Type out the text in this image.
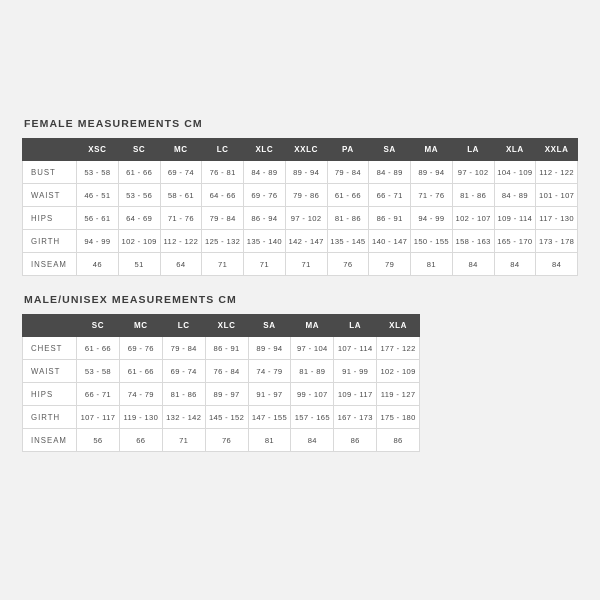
FEMALE MEASUREMENTS CM
	XSC	SC	MC	LC	XLC	XXLC	PA	SA	MA	LA	XLA	XXLA
BUST	53 - 58	61 - 66	69 - 74	76 - 81	84 - 89	89 - 94	79 - 84	84 - 89	89 - 94	97 - 102	104 - 109	112 - 122
WAIST	46 - 51	53 - 56	58 - 61	64 - 66	69 - 76	79 - 86	61 - 66	66 - 71	71 - 76	81 - 86	84 - 89	101 - 107
HIPS	56 - 61	64 - 69	71 - 76	79 - 84	86 - 94	97 - 102	81 - 86	86 - 91	94 - 99	102 - 107	109 - 114	117 - 130
GIRTH	94 - 99	102 - 109	112 - 122	125 - 132	135 - 140	142 - 147	135 - 145	140 - 147	150 - 155	158 - 163	165 - 170	173 - 178
INSEAM	46	51	64	71	71	71	76	79	81	84	84	84
MALE/UNISEX MEASUREMENTS CM
	SC	MC	LC	XLC	SA	MA	LA	XLA
CHEST	61 - 66	69 - 76	79 - 84	86 - 91	89 - 94	97 - 104	107 - 114	177 - 122
WAIST	53 - 58	61 - 66	69 - 74	76 - 84	74 - 79	81 - 89	91 - 99	102 - 109
HIPS	66 - 71	74 - 79	81 - 86	89 - 97	91 - 97	99 - 107	109 - 117	119 - 127
GIRTH	107 - 117	119 - 130	132 - 142	145 - 152	147 - 155	157 - 165	167 - 173	175 - 180
INSEAM	56	66	71	76	81	84	86	86
